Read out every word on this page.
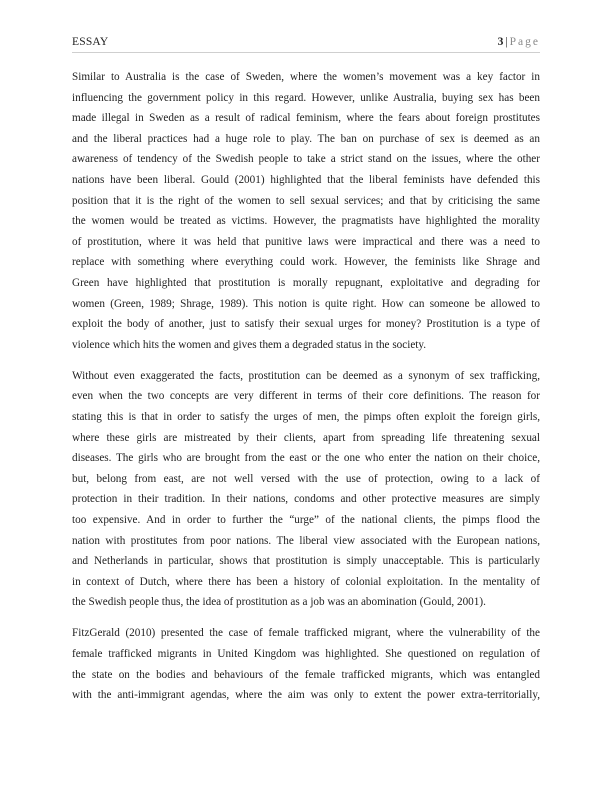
ESSAY	3 | Page

Similar to Australia is the case of Sweden, where the women’s movement was a key factor in
influencing the government policy in this regard. However, unlike Australia, buying sex has been
made illegal in Sweden as a result of radical feminism, where the fears about foreign prostitutes
and the liberal practices had a huge role to play. The ban on purchase of sex is deemed as an
awareness of tendency of the Swedish people to take a strict stand on the issues, where the other
nations have been liberal. Gould (2001) highlighted that the liberal feminists have defended this
position that it is the right of the women to sell sexual services; and that by criticising the same
the women would be treated as victims. However, the pragmatists have highlighted the morality
of prostitution, where it was held that punitive laws were impractical and there was a need to
replace with something where everything could work. However, the feminists like Shrage and
Green have highlighted that prostitution is morally repugnant, exploitative and degrading for
women (Green, 1989; Shrage, 1989). This notion is quite right. How can someone be allowed to
exploit the body of another, just to satisfy their sexual urges for money? Prostitution is a type of
violence which hits the women and gives them a degraded status in the society.

Without even exaggerated the facts, prostitution can be deemed as a synonym of sex trafficking,
even when the two concepts are very different in terms of their core definitions. The reason for
stating this is that in order to satisfy the urges of men, the pimps often exploit the foreign girls,
where these girls are mistreated by their clients, apart from spreading life threatening sexual
diseases. The girls who are brought from the east or the one who enter the nation on their choice,
but, belong from east, are not well versed with the use of protection, owing to a lack of
protection in their tradition. In their nations, condoms and other protective measures are simply
too expensive. And in order to further the “urge” of the national clients, the pimps flood the
nation with prostitutes from poor nations. The liberal view associated with the European nations,
and Netherlands in particular, shows that prostitution is simply unacceptable. This is particularly
in context of Dutch, where there has been a history of colonial exploitation. In the mentality of
the Swedish people thus, the idea of prostitution as a job was an abomination (Gould, 2001).

FitzGerald (2010) presented the case of female trafficked migrant, where the vulnerability of the
female trafficked migrants in United Kingdom was highlighted. She questioned on regulation of
the state on the bodies and behaviours of the female trafficked migrants, which was entangled
with the anti-immigrant agendas, where the aim was only to extent the power extra-territorially,
